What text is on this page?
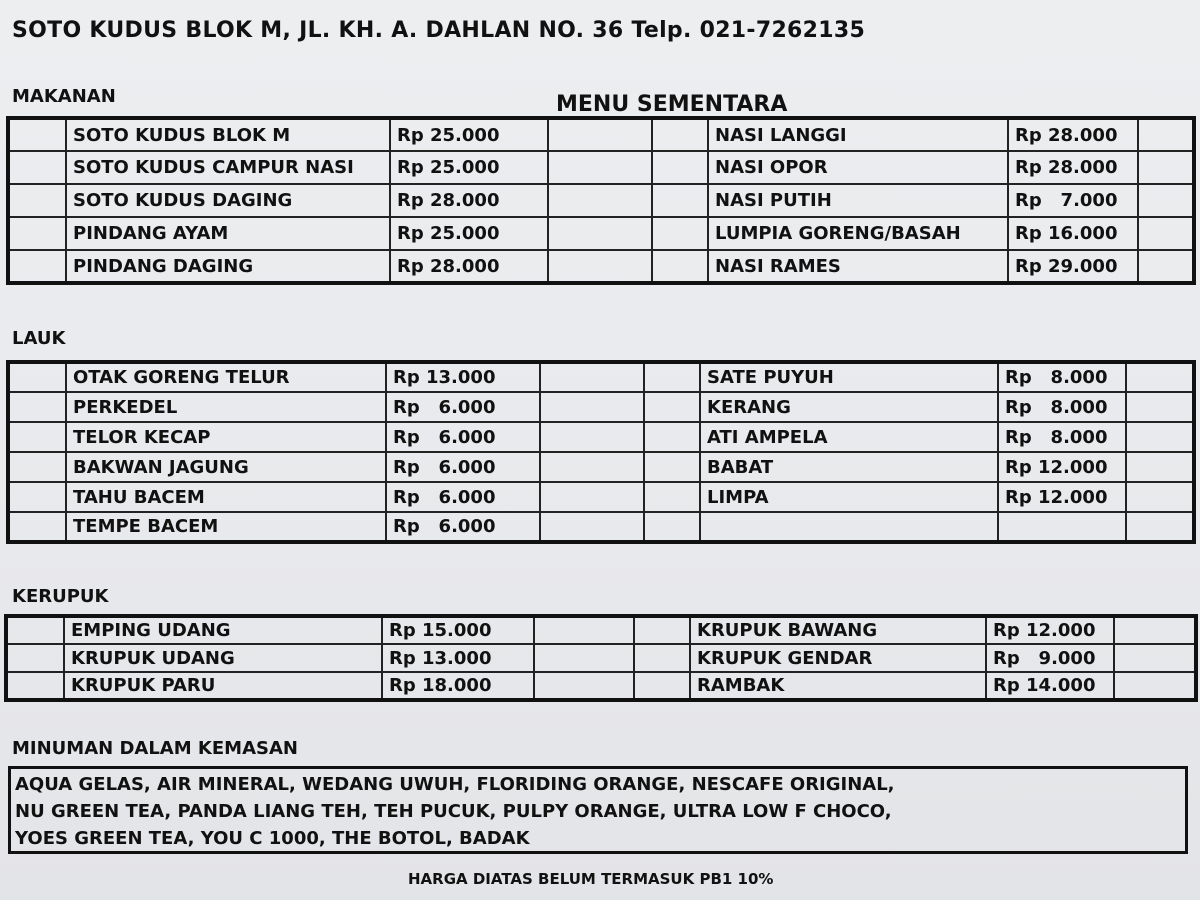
SOTO KUDUS BLOK M, JL. KH. A. DAHLAN NO. 36 Telp. 021-7262135
MENU SEMENTARA
MAKANAN
	SOTO KUDUS BLOK M	Rp 25.000			NASI LANGGI	Rp 28.000	
	SOTO KUDUS CAMPUR NASI	Rp 25.000			NASI OPOR	Rp 28.000	
	SOTO KUDUS DAGING	Rp 28.000			NASI PUTIH	Rp   7.000	
	PINDANG AYAM	Rp 25.000			LUMPIA GORENG/BASAH	Rp 16.000	
	PINDANG DAGING	Rp 28.000			NASI RAMES	Rp 29.000	
LAUK
	OTAK GORENG TELUR	Rp 13.000			SATE PUYUH	Rp   8.000	
	PERKEDEL	Rp   6.000			KERANG	Rp   8.000	
	TELOR KECAP	Rp   6.000			ATI AMPELA	Rp   8.000	
	BAKWAN JAGUNG	Rp   6.000			BABAT	Rp 12.000	
	TAHU BACEM	Rp   6.000			LIMPA	Rp 12.000	
	TEMPE BACEM	Rp   6.000					
KERUPUK
	EMPING UDANG	Rp 15.000			KRUPUK BAWANG	Rp 12.000	
	KRUPUK UDANG	Rp 13.000			KRUPUK GENDAR	Rp   9.000	
	KRUPUK PARU	Rp 18.000			RAMBAK	Rp 14.000	
MINUMAN DALAM KEMASAN
AQUA GELAS, AIR MINERAL, WEDANG UWUH, FLORIDING ORANGE, NESCAFE ORIGINAL,
NU GREEN TEA, PANDA LIANG TEH, TEH PUCUK, PULPY ORANGE, ULTRA LOW F CHOCO,
YOES GREEN TEA, YOU C 1000, THE BOTOL, BADAK
HARGA DIATAS BELUM TERMASUK PB1 10%
